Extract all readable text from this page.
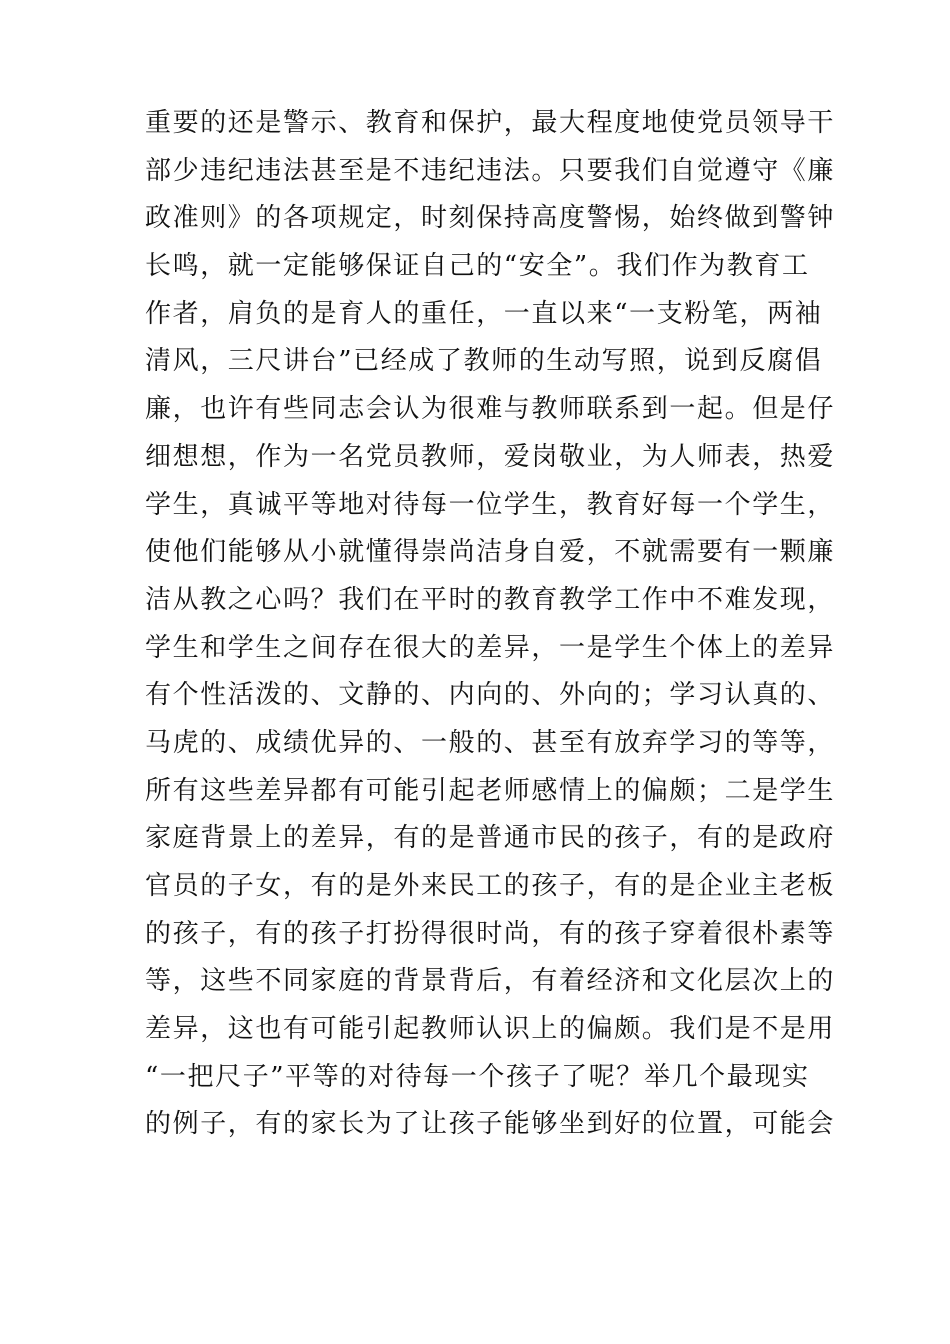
重要的还是警示、教育和保护，最大程度地使党员领导干
部少违纪违法甚至是不违纪违法。只要我们自觉遵守《廉
政准则》的各项规定，时刻保持高度警惕，始终做到警钟
长鸣，就一定能够保证自己的“安全”。我们作为教育工
作者，肩负的是育人的重任，一直以来“一支粉笔，两袖
清风，三尺讲台”已经成了教师的生动写照，说到反腐倡
廉，也许有些同志会认为很难与教师联系到一起。但是仔
细想想，作为一名党员教师，爱岗敬业，为人师表，热爱
学生，真诚平等地对待每一位学生，教育好每一个学生，
使他们能够从小就懂得崇尚洁身自爱，不就需要有一颗廉
洁从教之心吗？我们在平时的教育教学工作中不难发现，
学生和学生之间存在很大的差异，一是学生个体上的差异
有个性活泼的、文静的、内向的、外向的；学习认真的、
马虎的、成绩优异的、一般的、甚至有放弃学习的等等，
所有这些差异都有可能引起老师感情上的偏颇；二是学生
家庭背景上的差异，有的是普通市民的孩子，有的是政府
官员的子女，有的是外来民工的孩子，有的是企业主老板
的孩子，有的孩子打扮得很时尚，有的孩子穿着很朴素等
等，这些不同家庭的背景背后，有着经济和文化层次上的
差异，这也有可能引起教师认识上的偏颇。我们是不是用
“一把尺子”平等的对待每一个孩子了呢？举几个最现实
的例子，有的家长为了让孩子能够坐到好的位置，可能会
